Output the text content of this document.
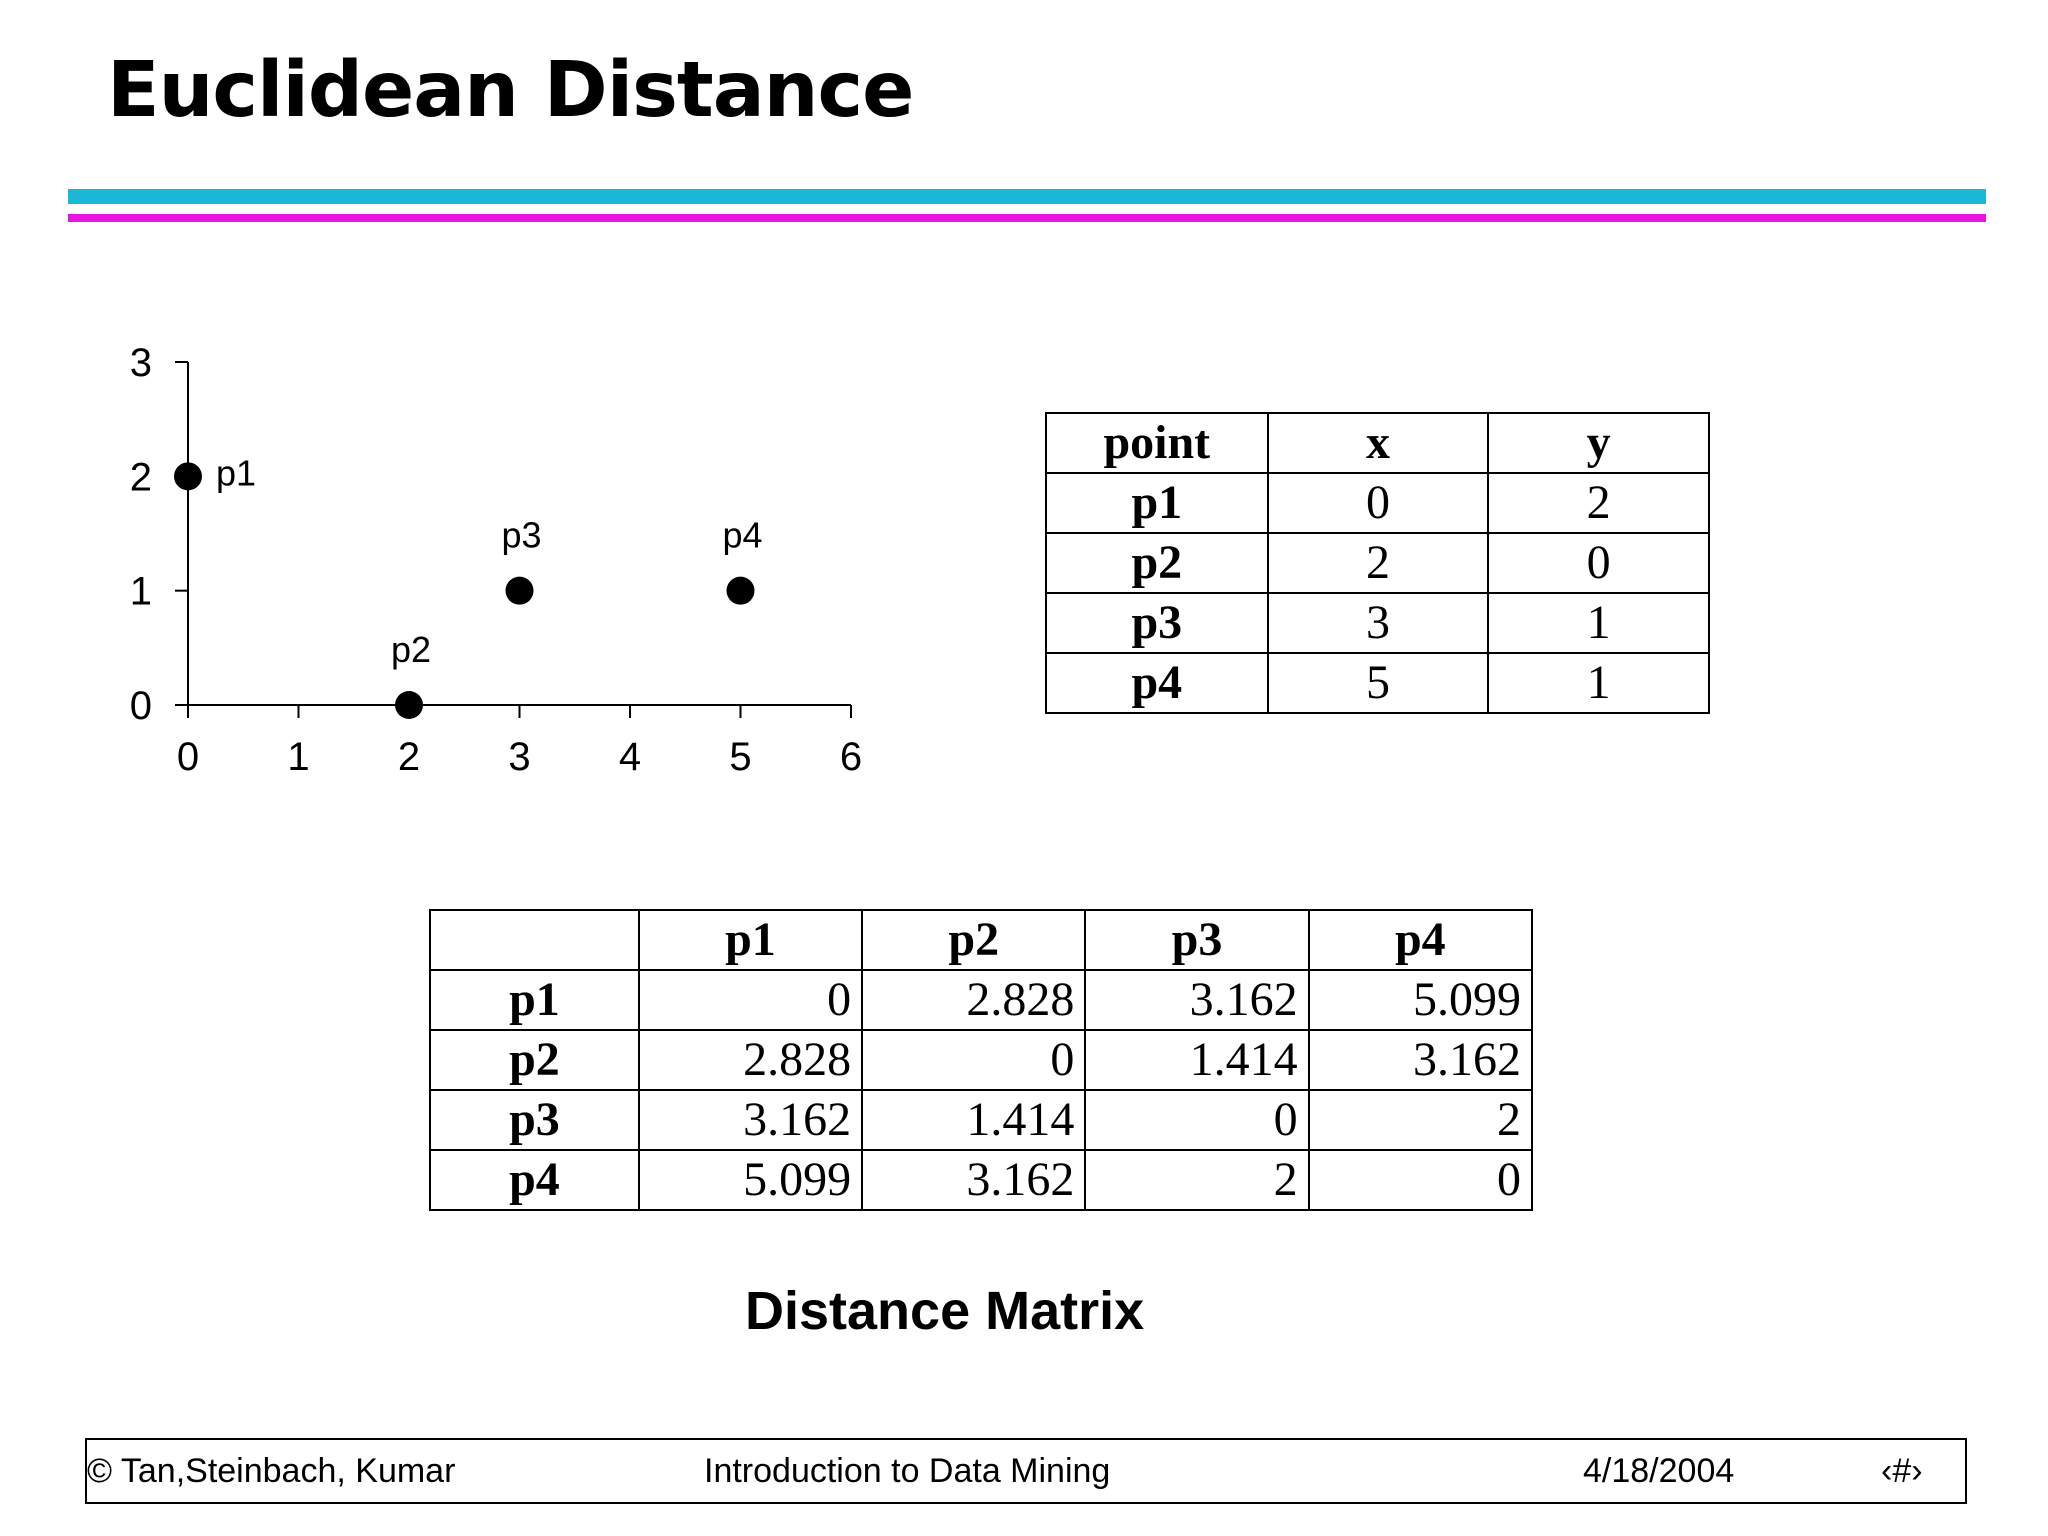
Euclidean Distance
0 1 2 3 4 5 6
0
1
2
3
p1
p2
p3	p4
point	x	y
p1	0	2
p2	2	0
p3	3	1
p4	5	1
	p1	p2	p3	p4
p1	0	2.828	3.162	5.099
p2	2.828	0	1.414	3.162
p3	3.162	1.414	0	2
p4	5.099	3.162	2	0
Distance Matrix
© Tan,Steinbach, Kumar	Introduction to Data Mining	4/18/2004	‹#›
